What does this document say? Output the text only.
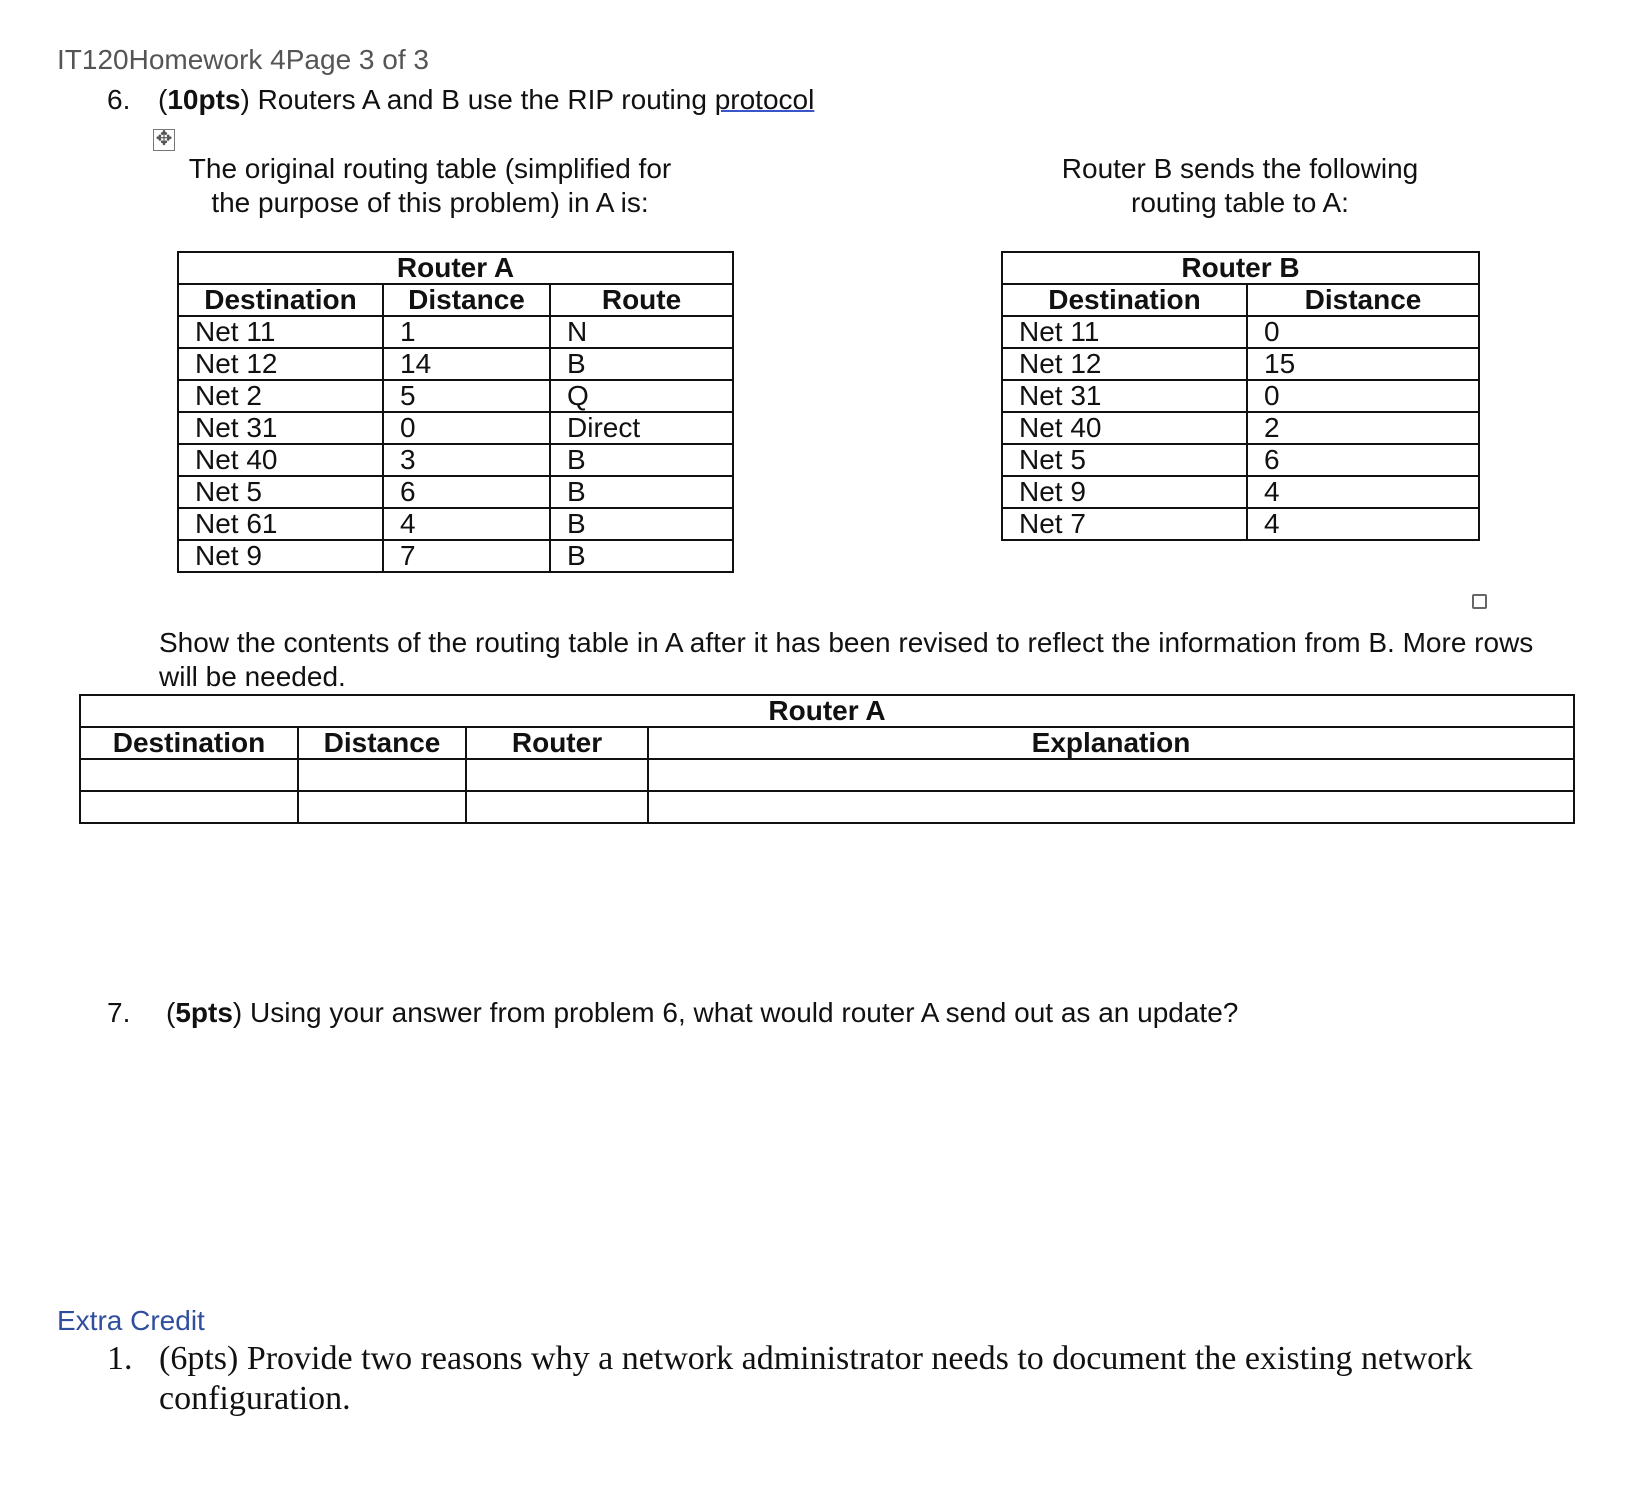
IT120Homework 4Page 3 of 3
6. (10pts) Routers A and B use the RIP routing protocol
✥
The original routing table (simplified for
the purpose of this problem) in A is:
Router B sends the following
routing table to A:
Router A		
Destination	Distance	Route
Net 11	1	N
Net 12	14	B
Net 2	5	Q
Net 31	0	Direct
Net 40	3	B
Net 5	6	B
Net 61	4	B
Net 9	7	B
Router B	
Destination	Distance
Net 11	0
Net 12	15
Net 31	0
Net 40	2
Net 5	6
Net 9	4
Net 7	4
Show the contents of the routing table in A after it has been revised to reflect the information from B. More rows
will be needed.
Router A			
Destination	Distance	Router	Explanation

7. (5pts) Using your answer from problem 6, what would router A send out as an update?
Extra Credit
1. (6pts) Provide two reasons why a network administrator needs to document the existing network
configuration.
